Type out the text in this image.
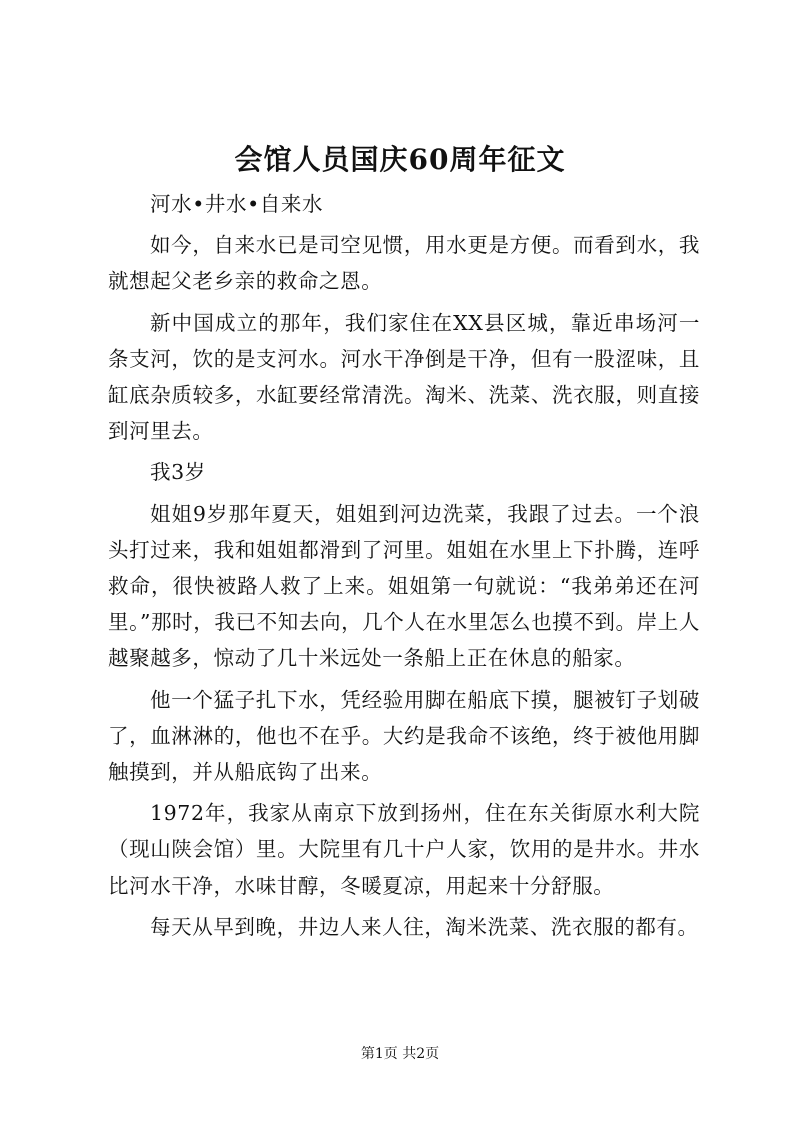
会馆人员国庆60周年征文

河水•井水•自来水

如今，自来水已是司空见惯，用水更是方便。而看到水，我就想起父老乡亲的救命之恩。

新中国成立的那年，我们家住在XX县区城，靠近串场河一条支河，饮的是支河水。河水干净倒是干净，但有一股涩味，且缸底杂质较多，水缸要经常清洗。淘米、洗菜、洗衣服，则直接到河里去。

我3岁

姐姐9岁那年夏天，姐姐到河边洗菜，我跟了过去。一个浪头打过来，我和姐姐都滑到了河里。姐姐在水里上下扑腾，连呼救命，很快被路人救了上来。姐姐第一句就说：“我弟弟还在河里。”那时，我已不知去向，几个人在水里怎么也摸不到。岸上人越聚越多，惊动了几十米远处一条船上正在休息的船家。

他一个猛子扎下水，凭经验用脚在船底下摸，腿被钉子划破了，血淋淋的，他也不在乎。大约是我命不该绝，终于被他用脚触摸到，并从船底钩了出来。

1972年，我家从南京下放到扬州，住在东关街原水利大院（现山陕会馆）里。大院里有几十户人家，饮用的是井水。井水比河水干净，水味甘醇，冬暖夏凉，用起来十分舒服。

每天从早到晚，井边人来人往，淘米洗菜、洗衣服的都有。

第1页 共2页
